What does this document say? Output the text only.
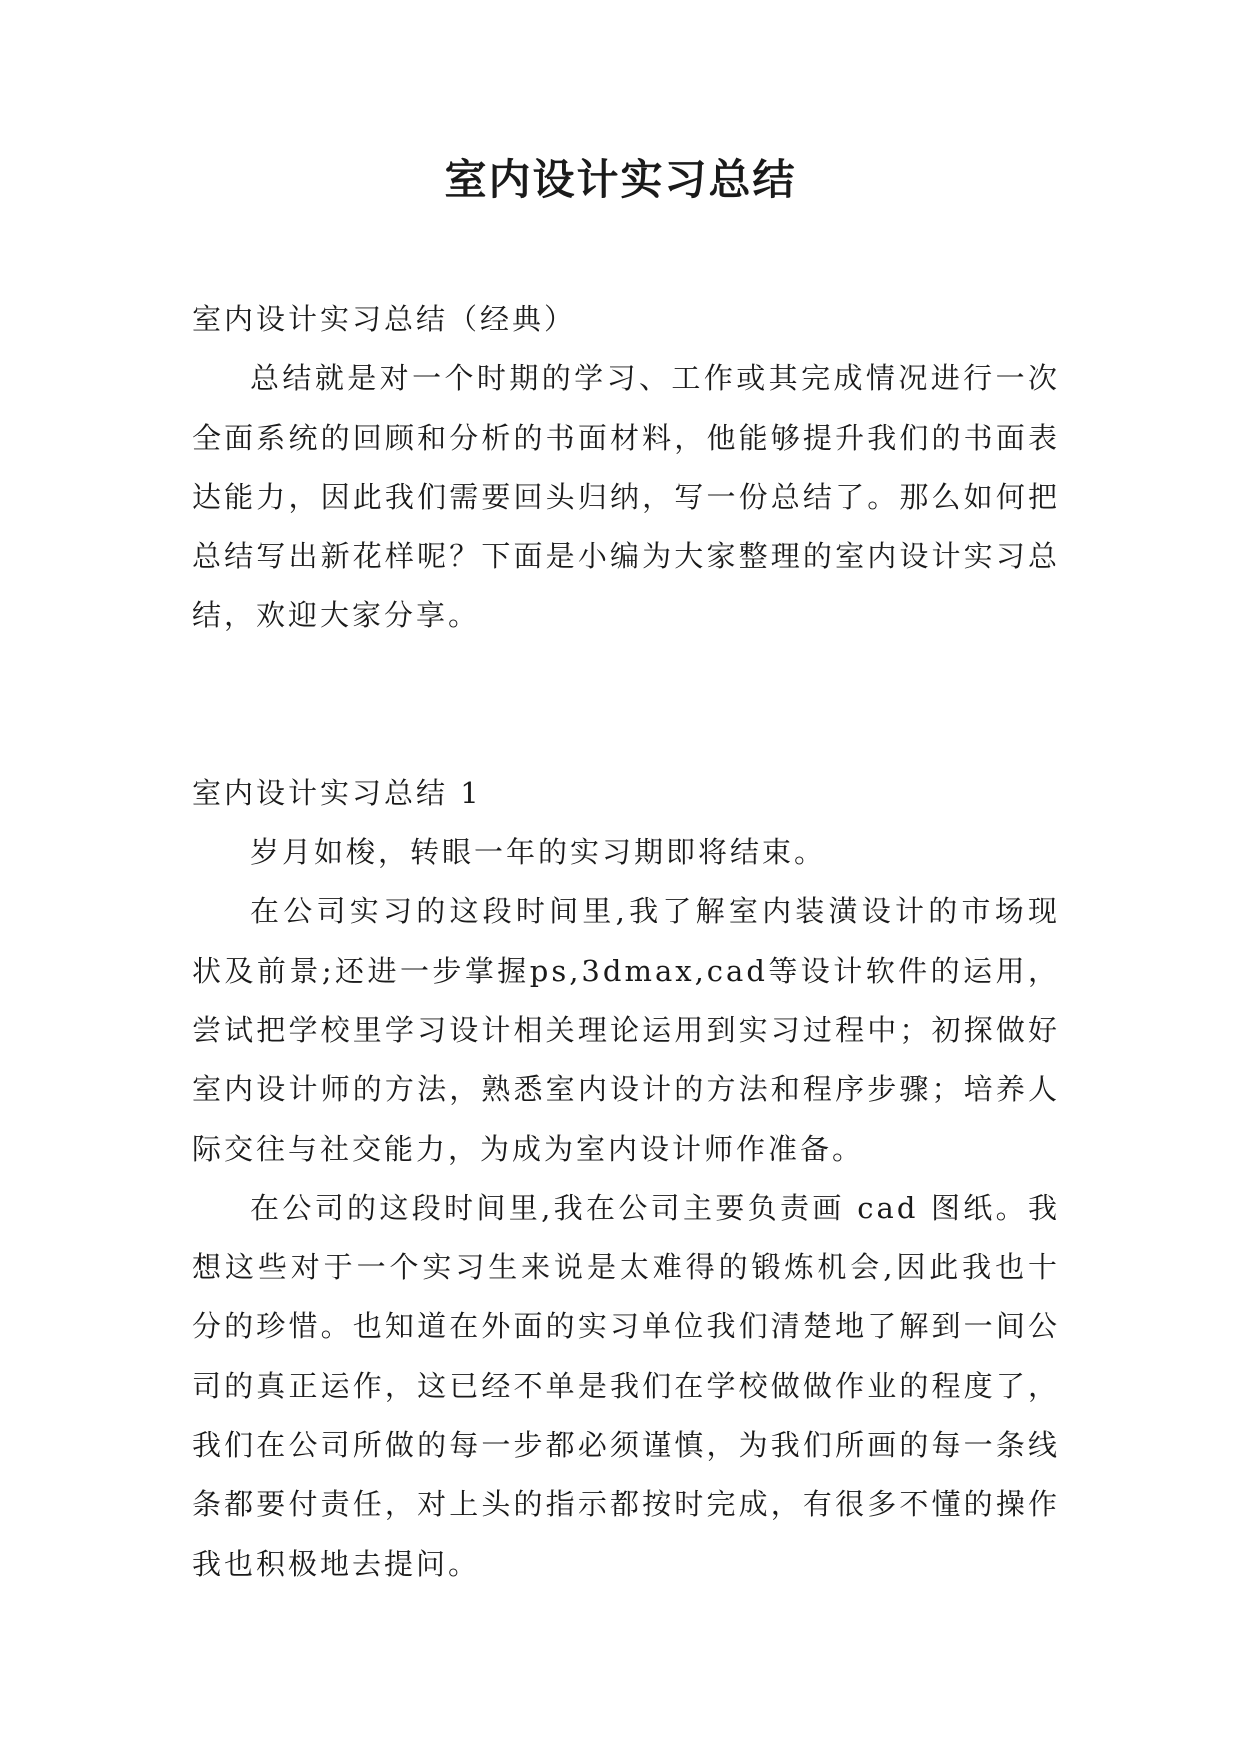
室内设计实习总结

室内设计实习总结（经典）

总结就是对一个时期的学习、工作或其完成情况进行一次全面系统的回顾和分析的书面材料，他能够提升我们的书面表达能力，因此我们需要回头归纳，写一份总结了。那么如何把总结写出新花样呢？下面是小编为大家整理的室内设计实习总结，欢迎大家分享。

室内设计实习总结 1

岁月如梭，转眼一年的实习期即将结束。

在公司实习的这段时间里,我了解室内装潢设计的市场现状及前景;还进一步掌握ps,3dmax,cad等设计软件的运用，尝试把学校里学习设计相关理论运用到实习过程中；初探做好室内设计师的方法，熟悉室内设计的方法和程序步骤；培养人际交往与社交能力，为成为室内设计师作准备。

在公司的这段时间里,我在公司主要负责画 cad 图纸。我想这些对于一个实习生来说是太难得的锻炼机会,因此我也十分的珍惜。也知道在外面的实习单位我们清楚地了解到一间公司的真正运作，这已经不单是我们在学校做做作业的程度了，我们在公司所做的每一步都必须谨慎，为我们所画的每一条线条都要付责任，对上头的指示都按时完成，有很多不懂的操作我也积极地去提问。
